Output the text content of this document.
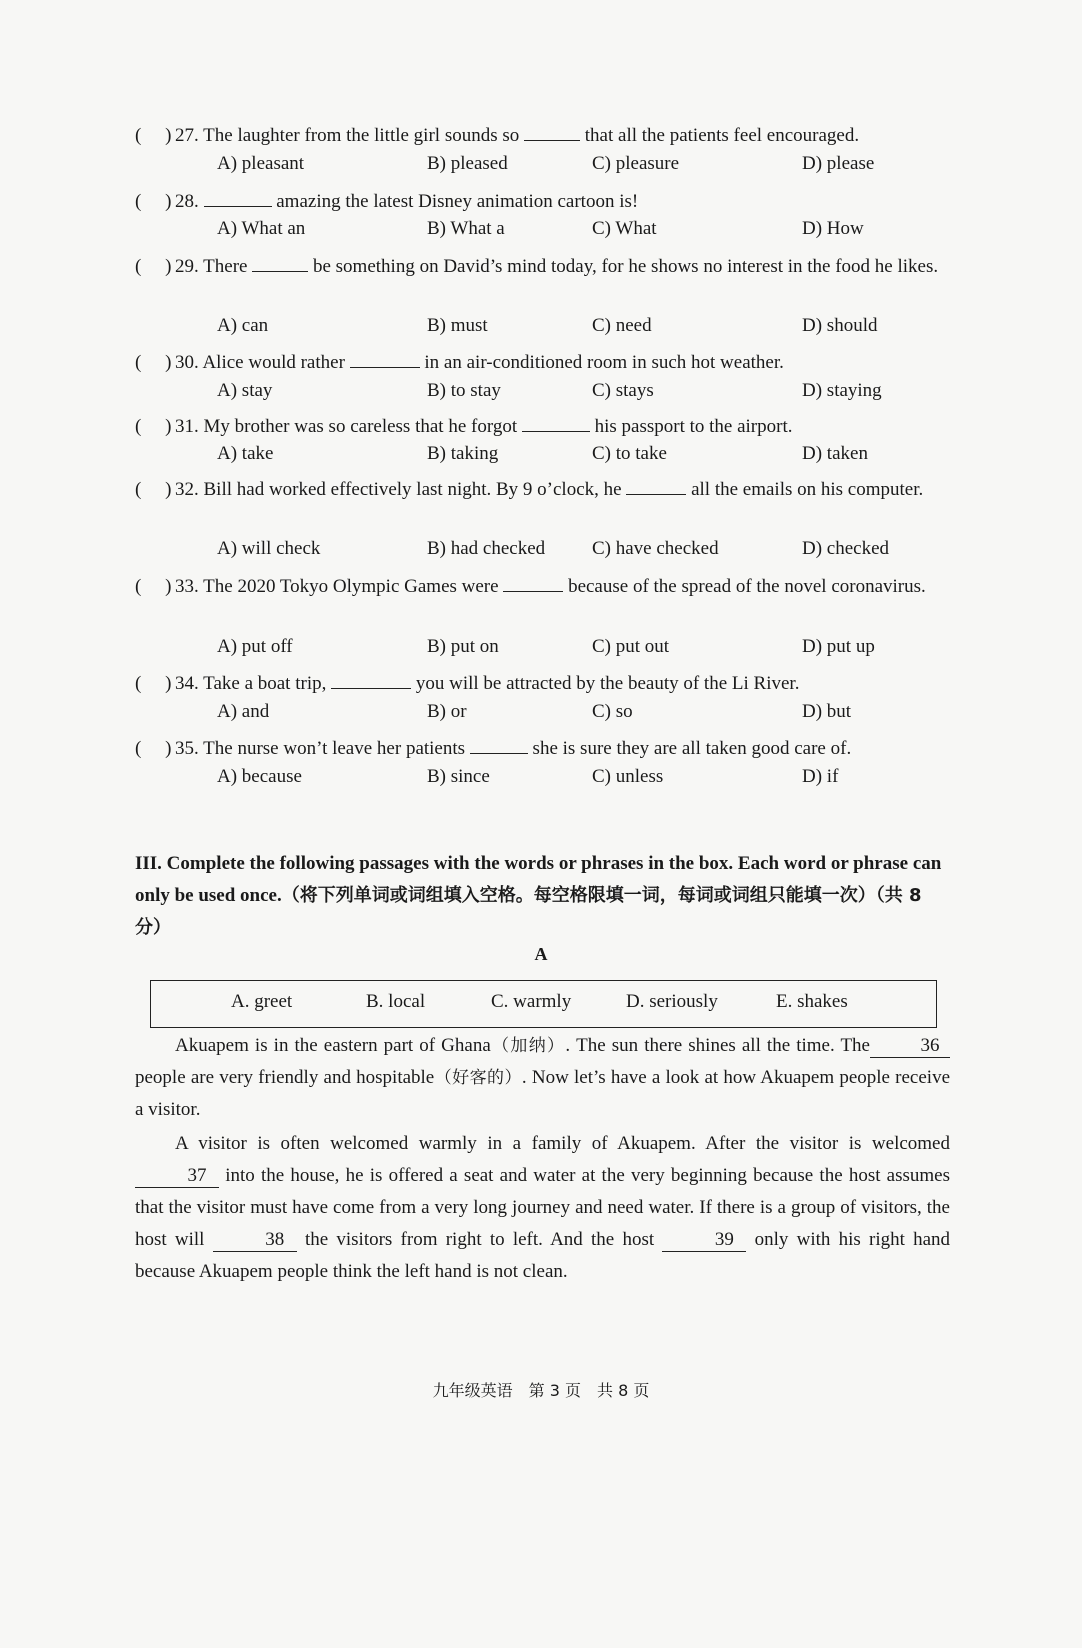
(     ) 27. The laughter from the little girl sounds so	that all the patients feel encouraged.
A) pleasant	B) pleased	C) pleasure	D) please
(     ) 28.	amazing the latest Disney animation cartoon is!
A) What an	B) What a	C) What	D) How
(     ) 29. There	be something on David’s mind today, for he shows no interest in the food he likes.
A) can	B) must	C) need	D) should
(     ) 30. Alice would rather	in an air-conditioned room in such hot weather.
A) stay	B) to stay	C) stays	D) staying
(     ) 31. My brother was so careless that he forgot	his passport to the airport.
A) take	B) taking	C) to take	D) taken
(     ) 32. Bill had worked effectively last night. By 9 o’clock, he	all the emails on his computer.
A) will check	B) had checked C) have checked	D) checked
(     ) 33. The 2020 Tokyo Olympic Games were	because of the spread of the novel coronavirus.
A) put off	B) put on	C) put out	D) put up
(     ) 34. Take a boat trip,	you will be attracted by the beauty of the Li River.
A) and	B) or	C) so	D) but
(     ) 35. The nurse won’t leave her patients	she is sure they are all taken good care of.
A) because	B) since	C) unless	D) if
III. Complete the following passages with the words or phrases in the box. Each word or phrase can only be used once.（将下列单词或词组填入空格。每空格限填一词，每词或词组只能填一次）（共 8 分）
A
A. greet	B. local	C. warmly	D. seriously	E. shakes
Akuapem is in the eastern part of Ghana（加纳）. The sun there shines all the time. The	36 people are very friendly and hospitable（好客的）. Now let’s have a look at how Akuapem people receive a visitor.
A visitor is often welcomed warmly in a family of Akuapem. After the visitor is welcomed 37 into the house, he is offered a seat and water at the very beginning because the host assumes that the visitor must have come from a very long journey and need water. If there is a group of visitors, the host will	38 the visitors from right to left. And the host	39 only with his right hand because Akuapem people think the left hand is not clean.
九年级英语　第 3 页　共 8 页
